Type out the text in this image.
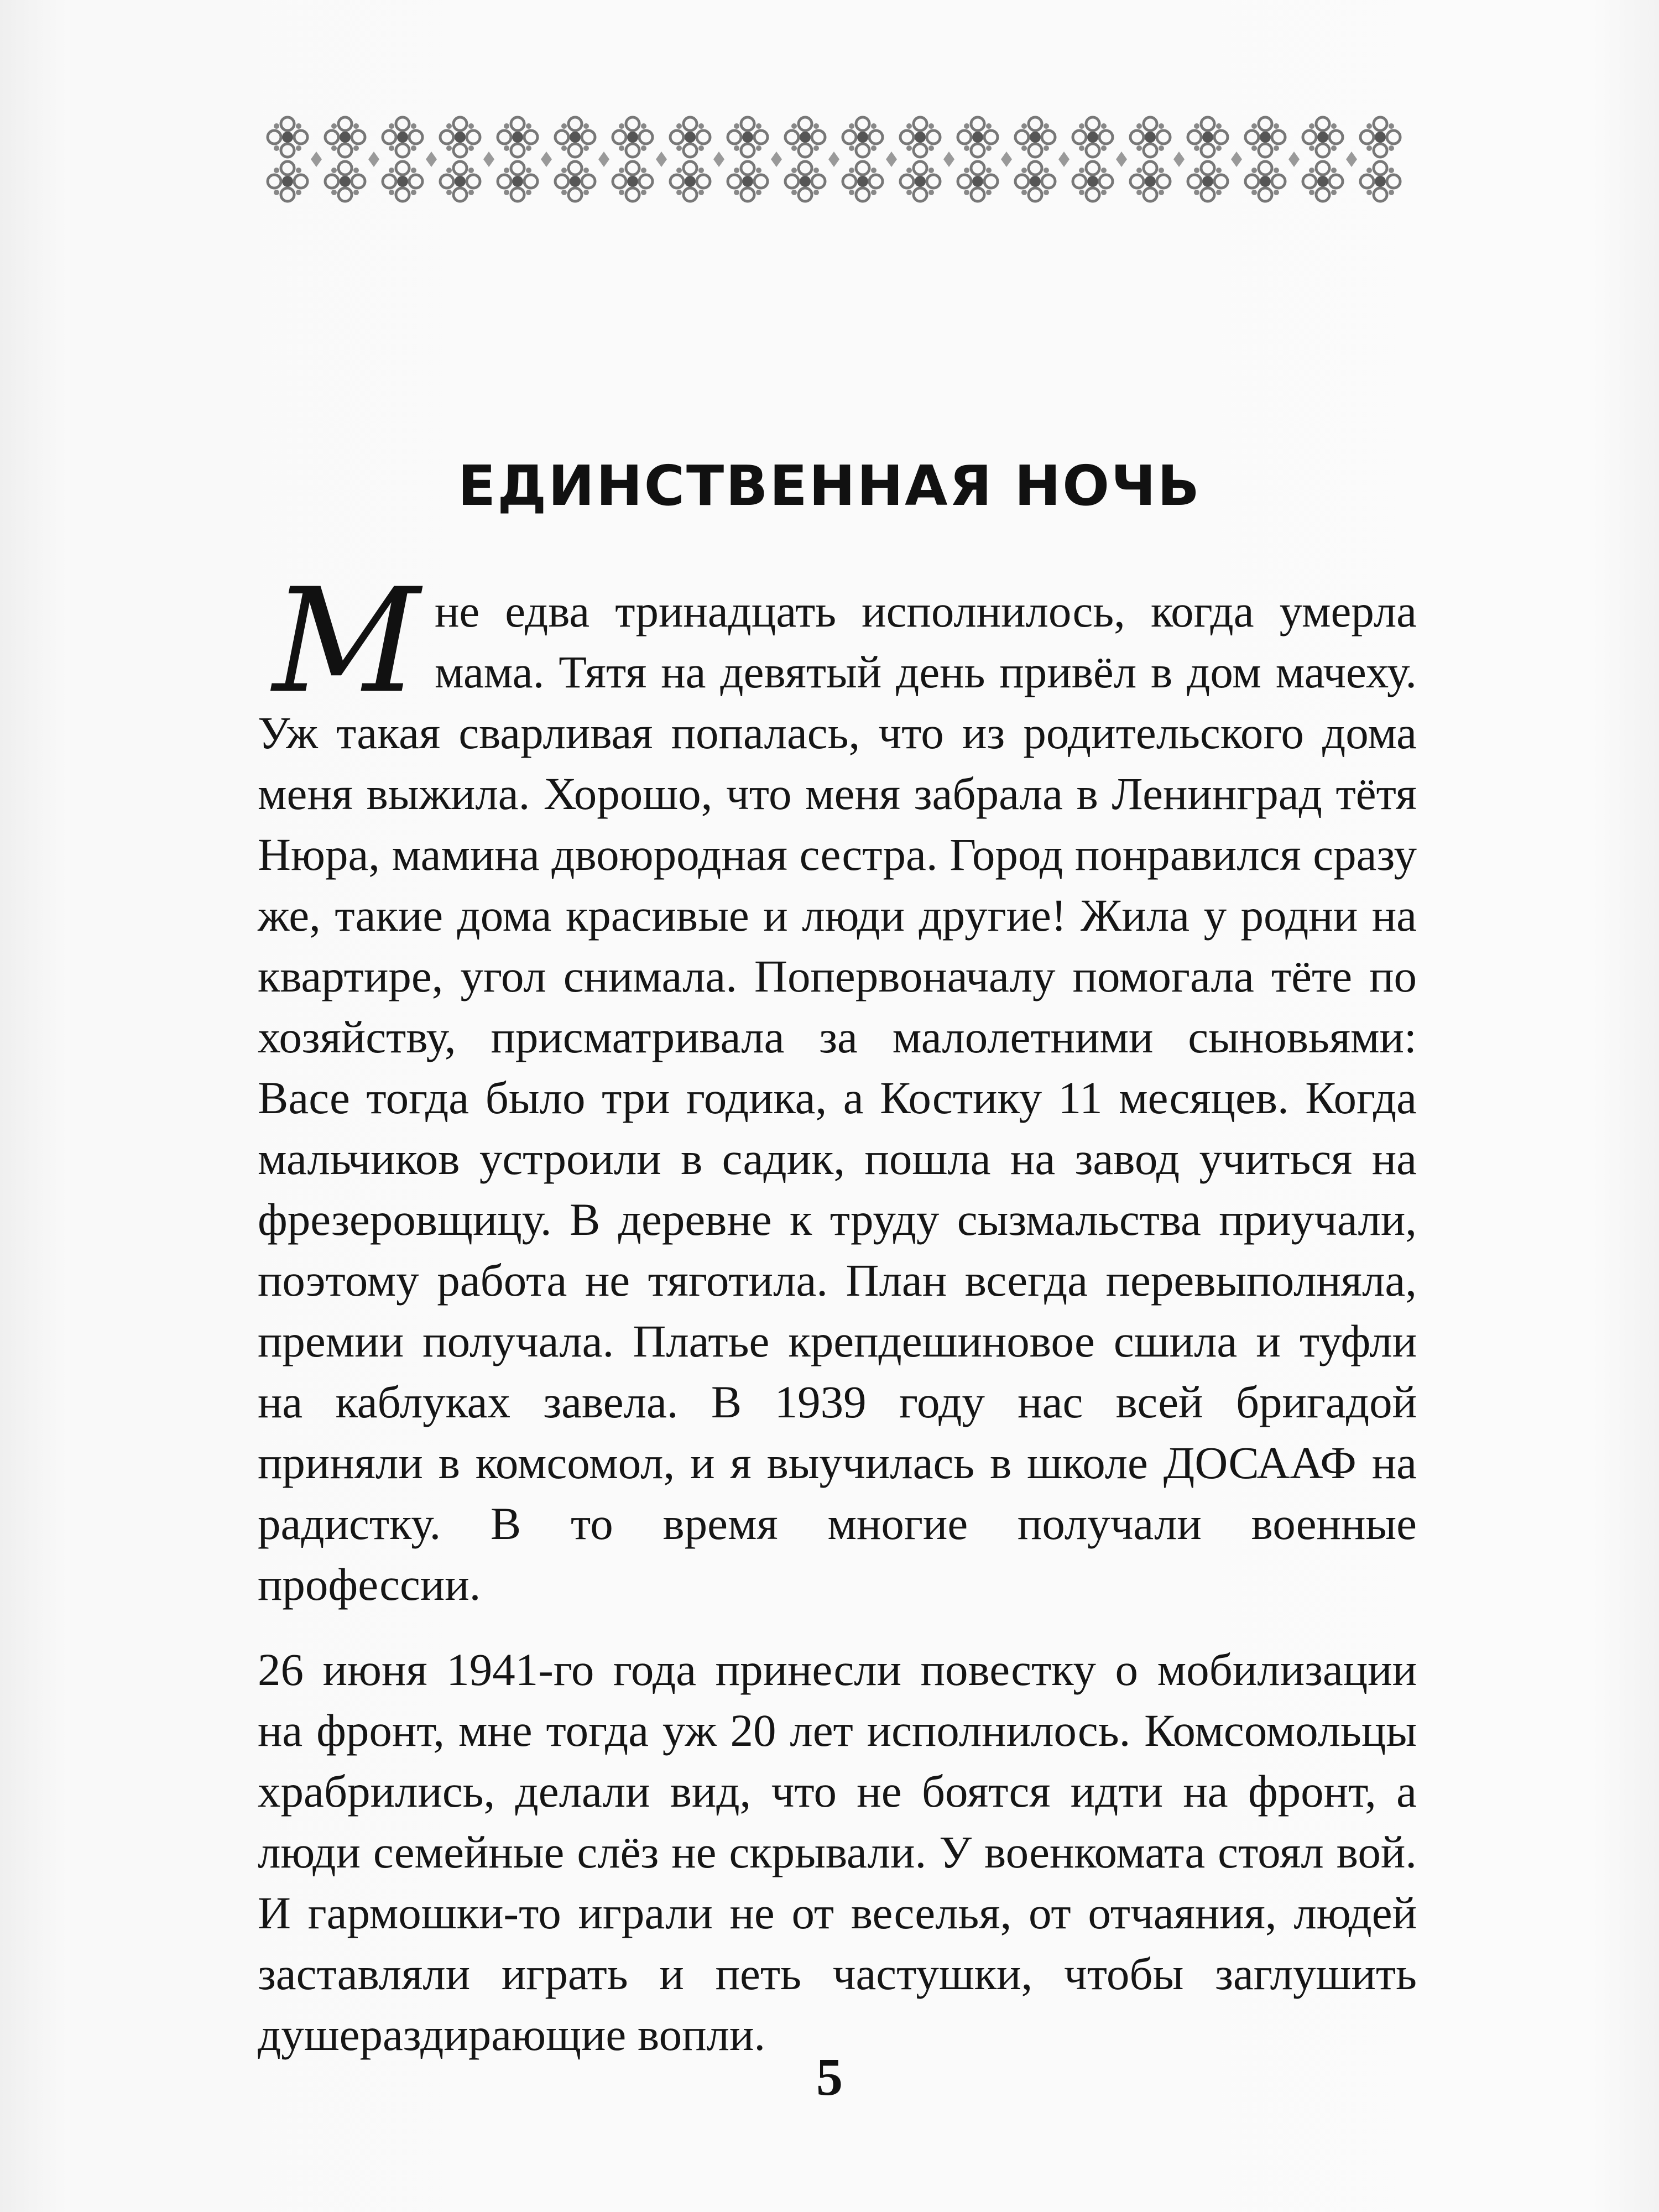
ЕДИНСТВЕННАЯ НОЧЬ

Мне едва тринадцать исполнилось, когда умерла мама. Тятя на девятый день привёл в дом мачеху. Уж такая сварливая попалась, что из родительского дома меня выжила. Хорошо, что меня забрала в Ленинград тётя Нюра, мамина двоюродная сестра. Город понравился сразу же, такие дома красивые и люди другие! Жила у родни на квартире, угол снимала. Попервоначалу помогала тёте по хозяйству, присматривала за малолетними сыновьями: Васе тогда было три годика, а Костику 11 месяцев. Когда мальчиков устроили в садик, пошла на завод учиться на фрезеровщицу. В деревне к труду сызмальства приучали, поэтому работа не тяготила. План всегда перевыполняла, премии получала. Платье крепдешиновое сшила и туфли на каблуках завела. В 1939 году нас всей бригадой приняли в комсомол, и я выучилась в школе ДОСААФ на радистку. В то время многие получали военные профессии.

26 июня 1941-го года принесли повестку о мобилизации на фронт, мне тогда уж 20 лет исполнилось. Комсомольцы храбрились, делали вид, что не боятся идти на фронт, а люди семейные слёз не скрывали. У военкомата стоял вой. И гармошки-то играли не от веселья, от отчаяния, людей заставляли играть и петь частушки, чтобы заглушить душераздирающие вопли.

5
